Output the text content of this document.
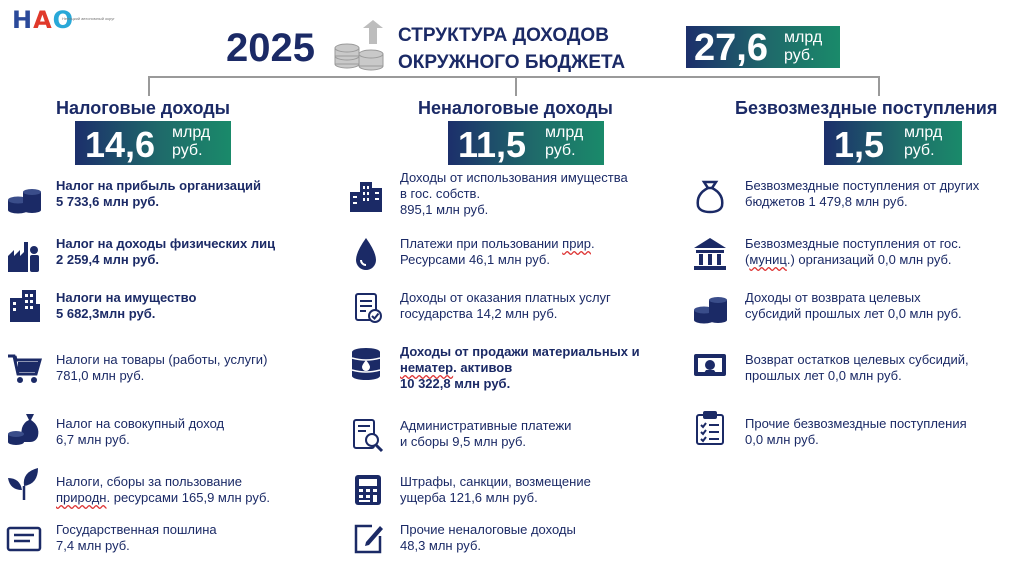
НАО
Ненецкий автономный округ
2025	СТРУКТУРА ДОХОДОВ
ОКРУЖНОГО БЮДЖЕТА 27,6 млрд
руб.
Налоговые доходы
14,6 млрд
руб.
Неналоговые доходы
11,5 млрд
руб.
Безвозмездные поступления
1,5 млрд
руб.
Налог на прибыль организаций
5 733,6 млн руб.
Налог на доходы физических лиц
2 259,4 млн руб.
Налоги на имущество
5 682,3млн руб.
Налоги на товары (работы, услуги)
781,0 млн руб.
Налог на совокупный доход
6,7 млн руб.
Налоги, сборы за пользование
природн. ресурсами 165,9 млн руб.
Государственная пошлина
7,4 млн руб.
Доходы от использования имущества
в гос. собств.
895,1 млн руб.
Платежи при пользовании прир.
Ресурсами 46,1 млн руб.
Доходы от оказания платных услуг
государства 14,2 млн руб.
Доходы от продажи материальных и
нематер. активов
10 322,8 млн руб.
Административные платежи
и сборы 9,5 млн руб.
Штрафы, санкции, возмещение
ущерба 121,6 млн руб.
Прочие неналоговые доходы
48,3 млн руб.
Безвозмездные поступления от других
бюджетов 1 479,8 млн руб.
Безвозмездные поступления от гос.
(муниц.) организаций 0,0 млн руб.
Доходы от возврата целевых
субсидий прошлых лет 0,0 млн руб.
Возврат остатков целевых субсидий,
прошлых лет 0,0 млн руб.
Прочие безвозмездные поступления
0,0 млн руб.
